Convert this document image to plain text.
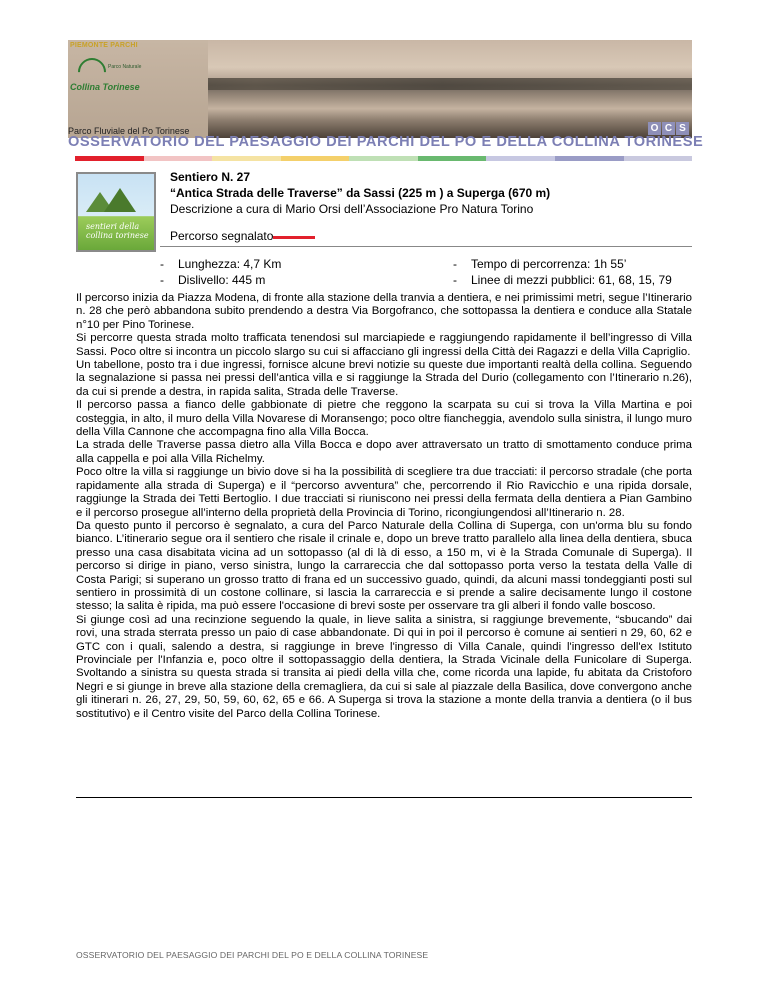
PIEMONTE PARCHI
Parco Naturale
Collina Torinese
Parco Fluviale del Po Torinese	O C S
OSSERVATORIO DEL PAESAGGIO DEI PARCHI DEL PO E DELLA COLLINA TORINESE
sentieri della collina torinese
Sentiero N. 27
“Antica Strada delle Traverse” da Sassi (225 m ) a Superga (670 m)
Descrizione a cura di Mario Orsi dell’Associazione Pro Natura Torino
Percorso segnalato
- Lunghezza: 4,7 Km
- Dislivello: 445 m
- Tempo di percorrenza: 1h 55’
- Linee di mezzi pubblici: 61, 68, 15, 79

Il percorso inizia da Piazza Modena, di fronte alla stazione della tranvia a dentiera, e nei primissimi metri, segue l’Itinerario n. 28 che però abbandona subito prendendo a destra Via Borgofranco, che sottopassa la dentiera e conduce alla Statale n°10 per Pino Torinese.

Si percorre questa strada molto trafficata tenendosi sul marciapiede e raggiungendo rapidamente il bell’ingresso di Villa Sassi. Poco oltre si incontra un piccolo slargo su cui si affacciano gli ingressi della Città dei Ragazzi e della Villa Capriglio.

Un tabellone, posto tra i due ingressi, fornisce alcune brevi notizie su queste due importanti realtà della collina. Seguendo la segnalazione si passa nei pressi dell’antica villa e si raggiunge la Strada del Durio (collegamento con l’Itinerario n.26), da cui si prende a destra, in rapida salita, Strada delle Traverse.

Il percorso passa a fianco delle gabbionate di pietre che reggono la scarpata su cui si trova la Villa Martina e poi costeggia, in alto, il muro della Villa Novarese di Moransengo; poco oltre fiancheggia, avendolo sulla sinistra, il lungo muro della Villa Cannone che accompagna fino alla Villa Bocca.

La strada delle Traverse passa dietro alla Villa Bocca e dopo aver attraversato un tratto di smottamento conduce prima alla cappella e poi alla Villa Richelmy.

Poco oltre la villa si raggiunge un bivio dove si ha la possibilità di scegliere tra due tracciati: il percorso stradale (che porta rapidamente alla strada di Superga) e il “percorso avventura” che, percorrendo il Rio Ravicchio e una ripida dorsale, raggiunge la Strada dei Tetti Bertoglio. I due tracciati si riuniscono nei pressi della fermata della dentiera a Pian Gambino e il percorso prosegue all’interno della proprietà della Provincia di Torino, ricongiungendosi all’Itinerario n. 28.

Da questo punto il percorso è segnalato, a cura del Parco Naturale della Collina di Superga, con un'orma blu su fondo bianco. L’itinerario segue ora il sentiero che risale il crinale e, dopo un breve tratto parallelo alla linea della dentiera, sbuca presso una casa disabitata vicina ad un sottopasso (al di là di esso, a 150 m, vi è la Strada Comunale di Superga). Il percorso si dirige in piano, verso sinistra, lungo la carrareccia che dal sottopasso porta verso la testata della Valle di Costa Parigi; si superano un grosso tratto di frana ed un successivo guado, quindi, da alcuni massi tondeggianti posti sul sentiero in prossimità di un costone collinare, si lascia la carrareccia e si prende a salire decisamente lungo il costone stesso; la salita è ripida, ma può essere l'occasione di brevi soste per osservare tra gli alberi il fondo valle boscoso.

Si giunge così ad una recinzione seguendo la quale, in lieve salita a sinistra, si raggiunge brevemente, “sbucando” dai rovi, una strada sterrata presso un paio di case abbandonate. Di qui in poi il percorso è comune ai sentieri n 29, 60, 62 e GTC con i quali, salendo a destra, si raggiunge in breve l'ingresso di Villa Canale, quindi l'ingresso dell'ex Istituto Provinciale per l'Infanzia e, poco oltre il sottopassaggio della dentiera, la Strada Vicinale della Funicolare di Superga. Svoltando a sinistra su questa strada si transita ai piedi della villa che, come ricorda una lapide, fu abitata da Cristoforo Negri e si giunge in breve alla stazione della cremagliera, da cui si sale al piazzale della Basilica, dove convergono anche gli itinerari n. 26, 27, 29, 50, 59, 60, 62, 65 e 66. A Superga si trova la stazione a monte della tranvia a dentiera (o il bus sostitutivo) e il Centro visite del Parco della Collina Torinese.

OSSERVATORIO DEL PAESAGGIO DEI PARCHI DEL PO E DELLA COLLINA TORINESE
